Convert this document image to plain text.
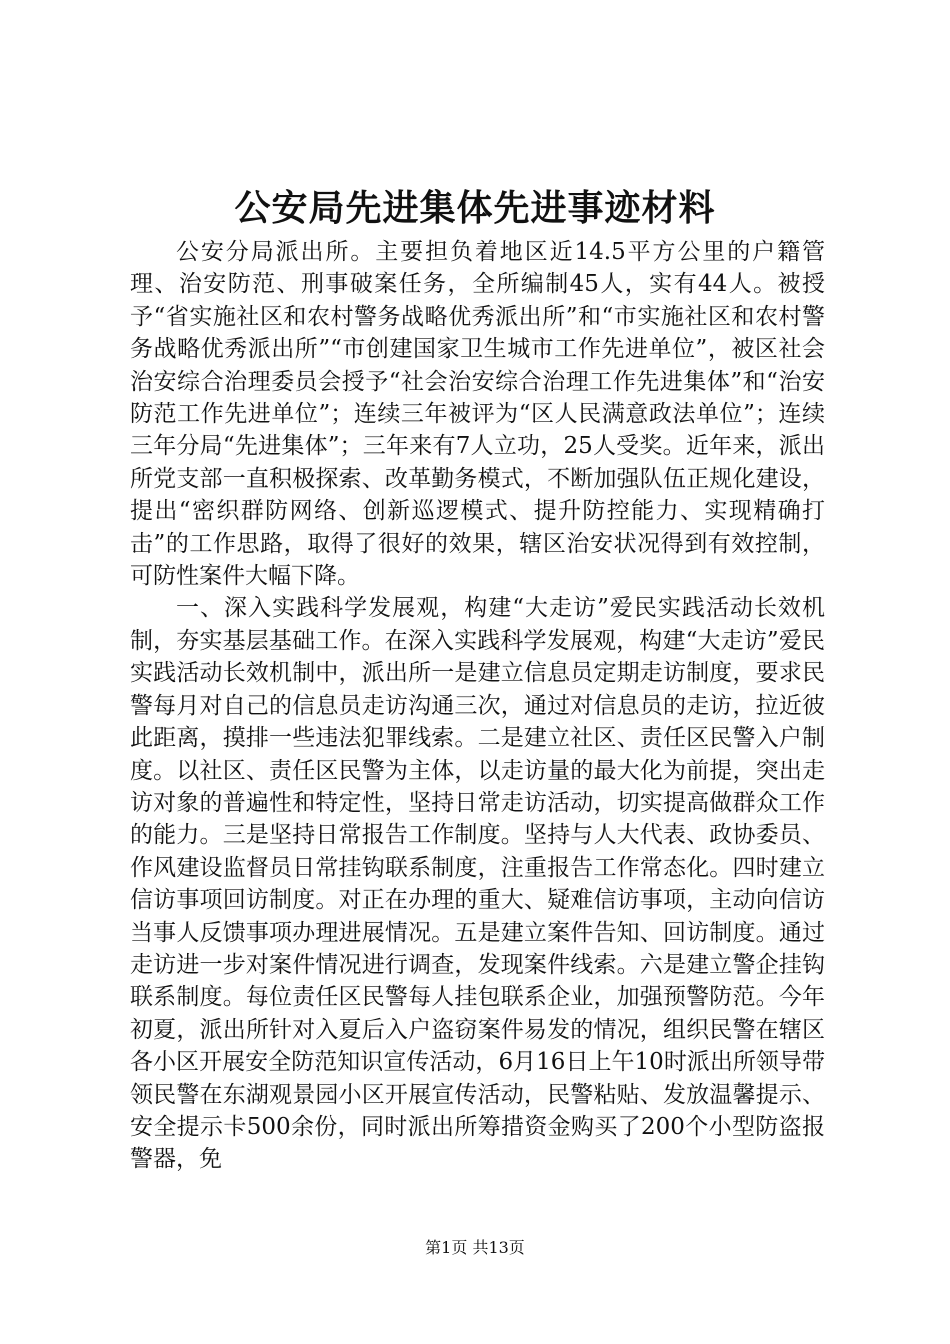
公安局先进集体先进事迹材料

公安分局派出所。主要担负着地区近14.5平方公里的户籍管理、治安防范、刑事破案任务，全所编制45人，实有44人。被授予“省实施社区和农村警务战略优秀派出所”和“市实施社区和农村警务战略优秀派出所”“市创建国家卫生城市工作先进单位”，被区社会治安综合治理委员会授予“社会治安综合治理工作先进集体”和“治安防范工作先进单位”；连续三年被评为“区人民满意政法单位”；连续三年分局“先进集体”；三年来有7人立功，25人受奖。近年来，派出所党支部一直积极探索、改革勤务模式，不断加强队伍正规化建设，提出“密织群防网络、创新巡逻模式、提升防控能力、实现精确打击”的工作思路，取得了很好的效果，辖区治安状况得到有效控制，可防性案件大幅下降。

一、深入实践科学发展观，构建“大走访”爱民实践活动长效机制，夯实基层基础工作。在深入实践科学发展观，构建“大走访”爱民实践活动长效机制中，派出所一是建立信息员定期走访制度，要求民警每月对自己的信息员走访沟通三次，通过对信息员的走访，拉近彼此距离，摸排一些违法犯罪线索。二是建立社区、责任区民警入户制度。以社区、责任区民警为主体，以走访量的最大化为前提，突出走访对象的普遍性和特定性，坚持日常走访活动，切实提高做群众工作的能力。三是坚持日常报告工作制度。坚持与人大代表、政协委员、作风建设监督员日常挂钩联系制度，注重报告工作常态化。四时建立信访事项回访制度。对正在办理的重大、疑难信访事项，主动向信访当事人反馈事项办理进展情况。五是建立案件告知、回访制度。通过走访进一步对案件情况进行调查，发现案件线索。六是建立警企挂钩联系制度。每位责任区民警每人挂包联系企业，加强预警防范。今年初夏，派出所针对入夏后入户盗窃案件易发的情况，组织民警在辖区各小区开展安全防范知识宣传活动，6月16日上午10时派出所领导带领民警在东湖观景园小区开展宣传活动，民警粘贴、发放温馨提示、安全提示卡500余份，同时派出所筹措资金购买了200个小型防盗报警器，免

第1页 共13页
